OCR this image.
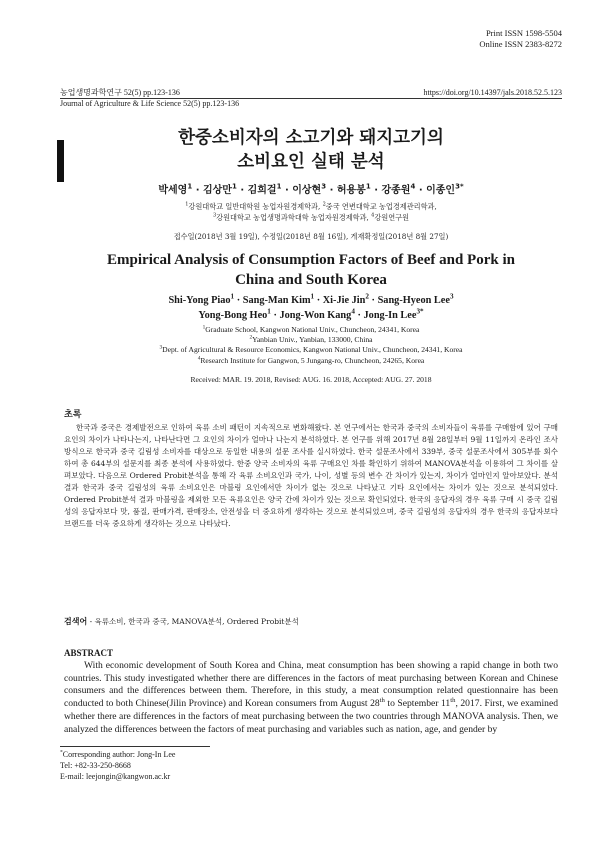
Print ISSN 1598-5504
Online ISSN 2383-8272
농업생명과학연구 52(5) pp.123-136
Journal of Agriculture & Life Science 52(5) pp.123-136
https://doi.org/10.14397/jals.2018.52.5.123
한중소비자의 소고기와 돼지고기의
소비요인 실태 분석
박세영$^1$ · 김상만$^1$ · 김희걸$^1$ · 이상현$^3$ · 허용봉$^1$ · 강종원$^4$ · 이종인$^{3*}$
$^1$강원대학교 일반대학원 농업자원경제학과, $^2$중국 연변대학교 농업경제관리학과,
$^3$강원대학교 농업생명과학대학 농업자원경제학과, $^4$강원연구원
접수일(2018년 3월 19일), 수정일(2018년 8월 16일), 게재확정일(2018년 8월 27일)
Empirical Analysis of Consumption Factors of Beef and Pork in
China and South Korea
Shi-Yong Piao$^1$ · Sang-Man Kim$^1$ · Xi-Jie Jin$^2$ · Sang-Hyeon Lee$^3$
Yong-Bong Heo$^1$ · Jong-Won Kang$^4$ · Jong-In Lee$^{3*}$
$^1$Graduate School, Kangwon National Univ., Chuncheon, 24341, Korea
$^2$Yanbian Univ., Yanbian, 133000, China
$^3$Dept. of Agricultural & Resource Economics, Kangwon National Univ., Chuncheon, 24341, Korea
$^4$Research Institute for Gangwon, 5 Jungang-ro, Chuncheon, 24265, Korea
Received: MAR. 19. 2018, Revised: AUG. 16. 2018, Accepted: AUG. 27. 2018
초록
한국과 중국은 경제발전으로 인하여 육류 소비 패턴이 지속적으로 변화해왔다. 본 연구에서는 한국과 중국의 소비자들이 육류를 구매함에 있어 구매요인의 차이가 나타나는지, 나타난다면 그 요인의 차이가 얼마나 나는지 분석하였다. 본 연구를 위해 2017년 8월 28일부터 9월 11일까지 온라인 조사 방식으로 한국과 중국 길림성 소비자를 대상으로 동일한 내용의 설문 조사를 실시하였다. 한국 설문조사에서 339부, 중국 설문조사에서 305부를 회수하여 총 644부의 설문지를 최종 분석에 사용하였다. 한중 양국 소비자의 육류 구매요인 차를 확인하기 위하여 MANOVA분석을 이용하여 그 차이를 살펴보았다. 다음으로 Ordered Probit분석을 통해 각 육류 소비요인과 국가, 나이, 성별 등의 변수 간 차이가 있는지, 차이가 얼마인지 알아보았다. 분석결과 한국과 중국 길림성의 육류 소비요인은 마블링 요인에서만 차이가 없는 것으로 나타났고 기타 요인에서는 차이가 있는 것으로 분석되었다. Ordered Probit분석 결과 마블링을 제외한 모든 육류요인은 양국 간에 차이가 있는 것으로 확인되었다. 한국의 응답자의 경우 육류 구매 시 중국 길림성의 응답자보다 맛, 품질, 판매가격, 판매장소, 안전성을 더 중요하게 생각하는 것으로 분석되었으며, 중국 길림성의 응답자의 경우 한국의 응답자보다 브랜드를 더욱 중요하게 생각하는 것으로 나타났다.
검색어 - 육류소비, 한국과 중국, MANOVA분석, Ordered Probit분석
ABSTRACT
With economic development of South Korea and China, meat consumption has been showing a rapid change in both two countries. This study investigated whether there are differences in the factors of meat purchasing between Korean and Chinese consumers and the differences between them. Therefore, in this study, a meat consumption related questionnaire has been conducted to both Chinese(Jilin Province) and Korean consumers from August 28th to September 11th, 2017. First, we examined whether there are differences in the factors of meat purchasing between the two countries through MANOVA analysis. Then, we analyzed the differences between the factors of meat purchasing and variables such as nation, age, and gender by
*Corresponding author: Jong-In Lee
Tel: +82-33-250-8668
E-mail: leejongin@kangwon.ac.kr
